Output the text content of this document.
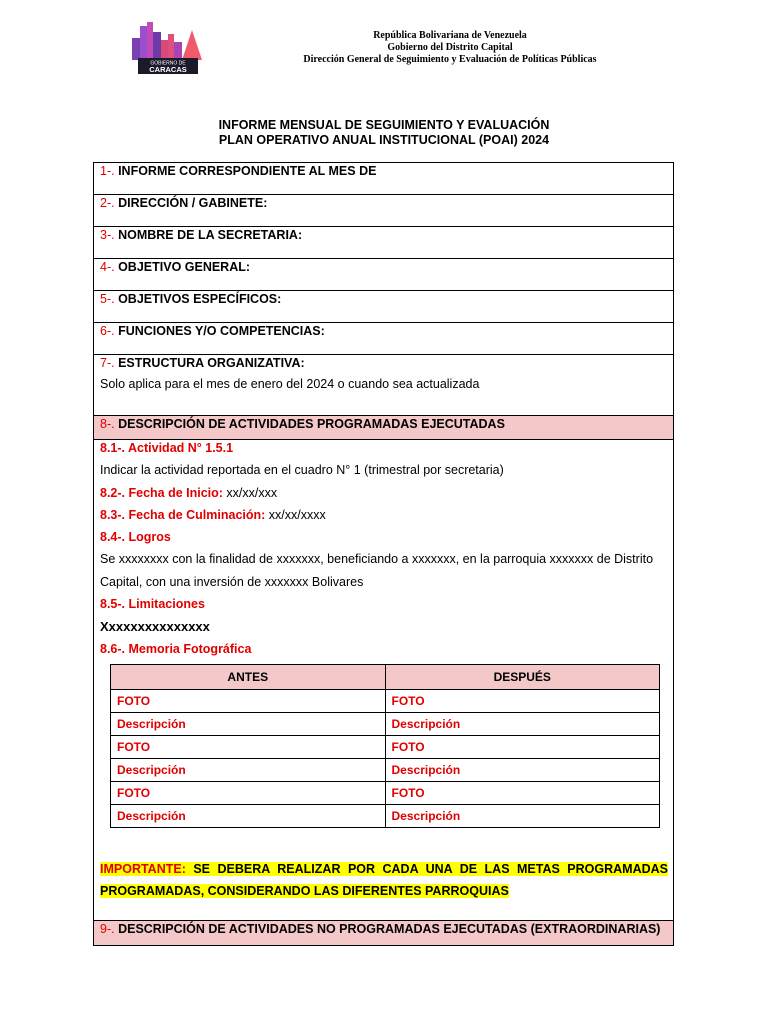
GOBIERNO DE
CARACAS
República Bolivariana de Venezuela
Gobierno del Distrito Capital
Dirección General de Seguimiento y Evaluación de Políticas Públicas
INFORME MENSUAL DE SEGUIMIENTO Y EVALUACIÓN
PLAN OPERATIVO ANUAL INSTITUCIONAL (POAI) 2024
1-. INFORME CORRESPONDIENTE AL MES DE
2-. DIRECCIÓN / GABINETE:
3-. NOMBRE DE LA SECRETARIA:
4-. OBJETIVO GENERAL:
5-. OBJETIVOS ESPECÍFICOS:
6-. FUNCIONES Y/O COMPETENCIAS:
7-. ESTRUCTURA ORGANIZATIVA:
Solo aplica para el mes de enero del 2024 o cuando sea actualizada
8-. DESCRIPCIÓN DE ACTIVIDADES PROGRAMADAS EJECUTADAS
8.1-. Actividad N° 1.5.1
Indicar la actividad reportada en el cuadro N° 1 (trimestral por secretaria)
8.2-. Fecha de Inicio: xx/xx/xxx
8.3-. Fecha de Culminación: xx/xx/xxxx
8.4-. Logros
Se xxxxxxxx con la finalidad de xxxxxxx, beneficiando a xxxxxxx, en la parroquia xxxxxxx de Distrito
Capital, con una inversión de xxxxxxx Bolivares
8.5-. Limitaciones
Xxxxxxxxxxxxxxx
8.6-. Memoria Fotográfica
ANTES	DESPUÉS
FOTO	FOTO
Descripción	Descripción
FOTO	FOTO
Descripción	Descripción
FOTO	FOTO
Descripción	Descripción
IMPORTANTE: SE DEBERA REALIZAR POR CADA UNA DE LAS METAS PROGRAMADAS PROGRAMADAS, CONSIDERANDO LAS DIFERENTES PARROQUIAS
9-. DESCRIPCIÓN DE ACTIVIDADES NO PROGRAMADAS EJECUTADAS (EXTRAORDINARIAS)
